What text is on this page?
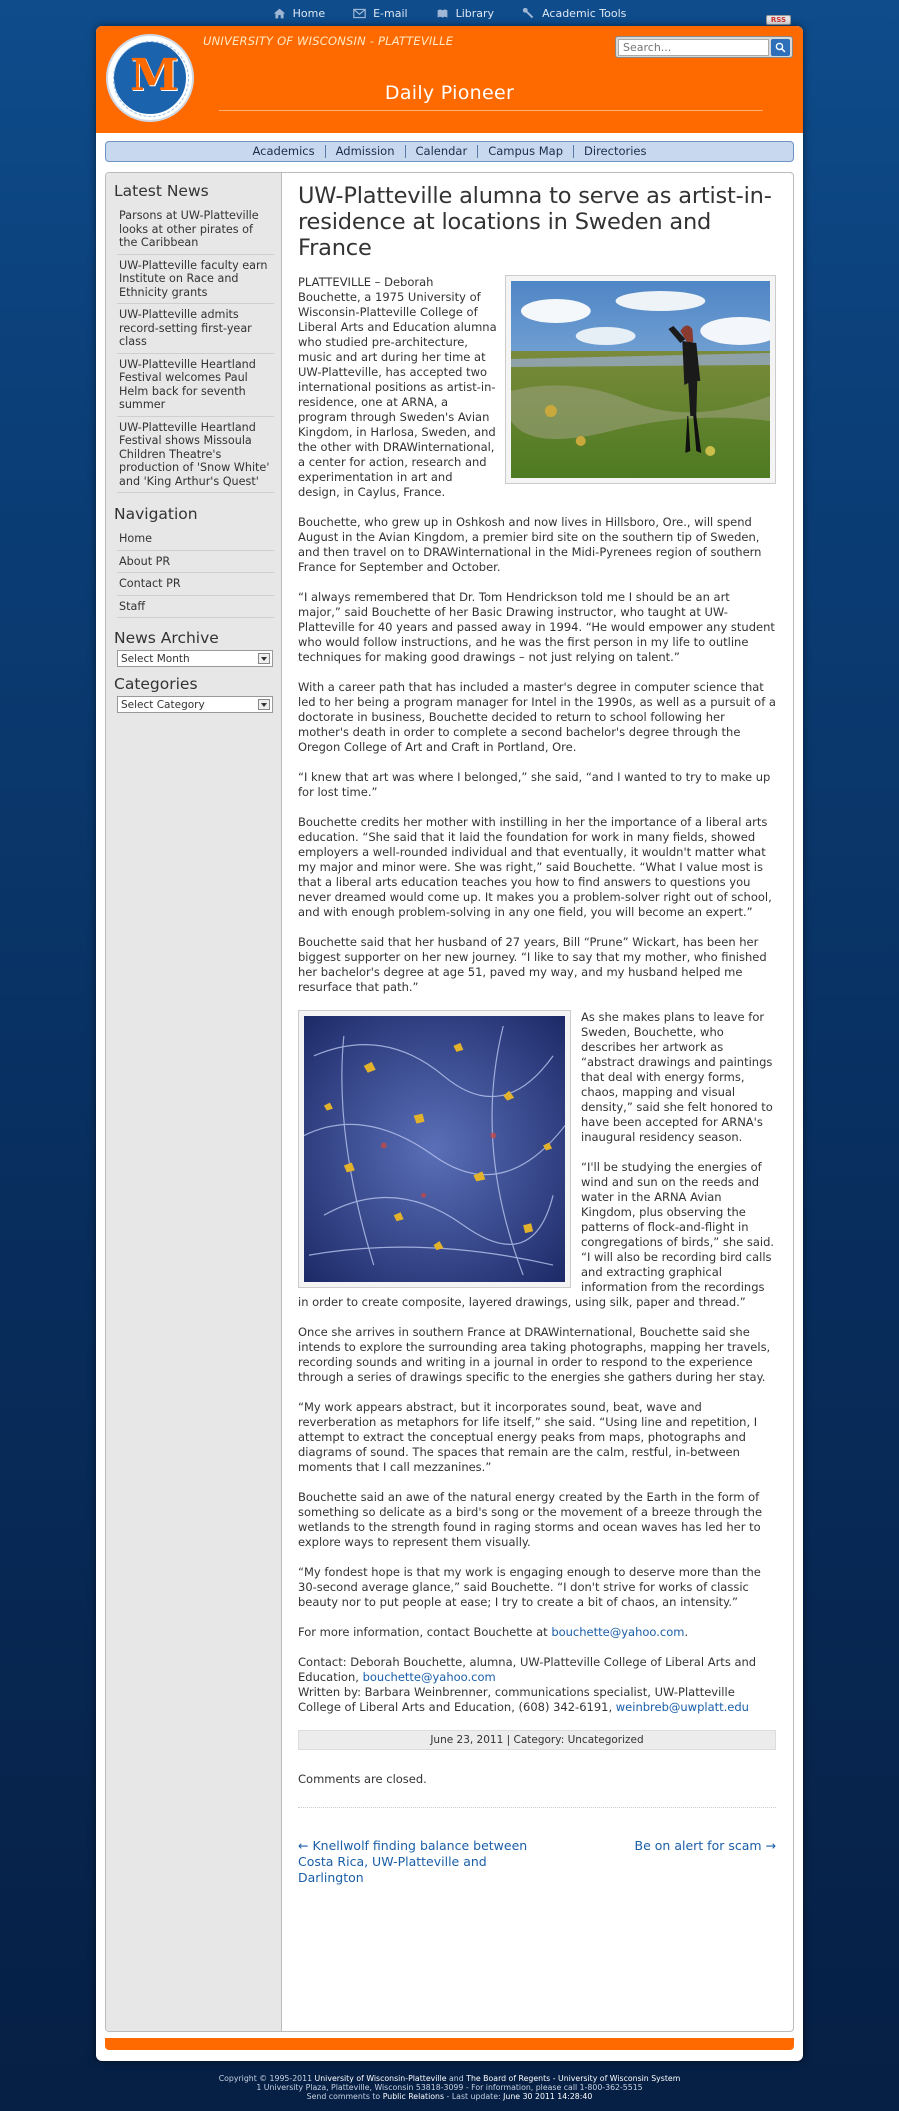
Home	E-mail	Library	Academic Tools
RSS
M
UNIVERSITY OF WISCONSIN - PLATTEVILLE
Search...
Daily Pioneer
Academics	Admission	Calendar	Campus Map	Directories
Latest News
Parsons at UW-Platteville looks at other pirates of the Caribbean
UW-Platteville faculty earn Institute on Race and Ethnicity grants
UW-Platteville admits record-setting first-year class
UW-Platteville Heartland Festival welcomes Paul Helm back for seventh summer
UW-Platteville Heartland Festival shows Missoula Children Theatre's production of 'Snow White' and 'King Arthur's Quest'
Navigation
Home
About PR
Contact PR
Staff
News Archive
Select Month
Categories
Select Category
UW-Platteville alumna to serve as artist-in-residence at locations in Sweden and France

PLATTEVILLE – Deborah Bouchette, a 1975 University of Wisconsin-Platteville College of Liberal Arts and Education alumna who studied pre-architecture, music and art during her time at UW-Platteville, has accepted two international positions as artist-in-residence, one at ARNA, a program through Sweden's Avian Kingdom, in Harlosa, Sweden, and the other with DRAWinternational, a center for action, research and experimentation in art and design, in Caylus, France.

Bouchette, who grew up in Oshkosh and now lives in Hillsboro, Ore., will spend August in the Avian Kingdom, a premier bird site on the southern tip of Sweden, and then travel on to DRAWinternational in the Midi-Pyrenees region of southern France for September and October.

“I always remembered that Dr. Tom Hendrickson told me I should be an art major,” said Bouchette of her Basic Drawing instructor, who taught at UW-Platteville for 40 years and passed away in 1994. “He would empower any student who would follow instructions, and he was the first person in my life to outline techniques for making good drawings – not just relying on talent.”

With a career path that has included a master's degree in computer science that led to her being a program manager for Intel in the 1990s, as well as a pursuit of a doctorate in business, Bouchette decided to return to school following her mother's death in order to complete a second bachelor's degree through the Oregon College of Art and Craft in Portland, Ore.

“I knew that art was where I belonged,” she said, “and I wanted to try to make up for lost time.”

Bouchette credits her mother with instilling in her the importance of a liberal arts education. “She said that it laid the foundation for work in many fields, showed employers a well-rounded individual and that eventually, it wouldn't matter what my major and minor were. She was right,” said Bouchette. “What I value most is that a liberal arts education teaches you how to find answers to questions you never dreamed would come up. It makes you a problem-solver right out of school, and with enough problem-solving in any one field, you will become an expert.”

Bouchette said that her husband of 27 years, Bill “Prune” Wickart, has been her biggest supporter on her new journey. “I like to say that my mother, who finished her bachelor's degree at age 51, paved my way, and my husband helped me resurface that path.”

As she makes plans to leave for Sweden, Bouchette, who describes her artwork as “abstract drawings and paintings that deal with energy forms, chaos, mapping and visual density,” said she felt honored to have been accepted for ARNA's inaugural residency season.

“I'll be studying the energies of wind and sun on the reeds and water in the ARNA Avian Kingdom, plus observing the patterns of flock-and-flight in congregations of birds,” she said. “I will also be recording bird calls and extracting graphical information from the recordings in order to create composite, layered drawings, using silk, paper and thread.”

Once she arrives in southern France at DRAWinternational, Bouchette said she intends to explore the surrounding area taking photographs, mapping her travels, recording sounds and writing in a journal in order to respond to the experience through a series of drawings specific to the energies she gathers during her stay.

“My work appears abstract, but it incorporates sound, beat, wave and reverberation as metaphors for life itself,” she said. “Using line and repetition, I attempt to extract the conceptual energy peaks from maps, photographs and diagrams of sound. The spaces that remain are the calm, restful, in-between moments that I call mezzanines.”

Bouchette said an awe of the natural energy created by the Earth in the form of something so delicate as a bird's song or the movement of a breeze through the wetlands to the strength found in raging storms and ocean waves has led her to explore ways to represent them visually.

“My fondest hope is that my work is engaging enough to deserve more than the 30-second average glance,” said Bouchette. “I don't strive for works of classic beauty nor to put people at ease; I try to create a bit of chaos, an intensity.”

For more information, contact Bouchette at bouchette@yahoo.com.

Contact: Deborah Bouchette, alumna, UW-Platteville College of Liberal Arts and Education, bouchette@yahoo.com

Written by: Barbara Weinbrenner, communications specialist, UW-Platteville College of Liberal Arts and Education, (608) 342-6191, weinbreb@uwplatt.edu

June 23, 2011 | Category: Uncategorized

Comments are closed.

← Knellwolf finding balance between Costa Rica, UW-Platteville and Darlington
Be on alert for scam →
Copyright © 1995-2011 University of Wisconsin-Platteville and The Board of Regents - University of Wisconsin System
1 University Plaza, Platteville, Wisconsin 53818-3099 - For information, please call 1-800-362-5515
Send comments to Public Relations - Last update: June 30 2011 14:28:40
